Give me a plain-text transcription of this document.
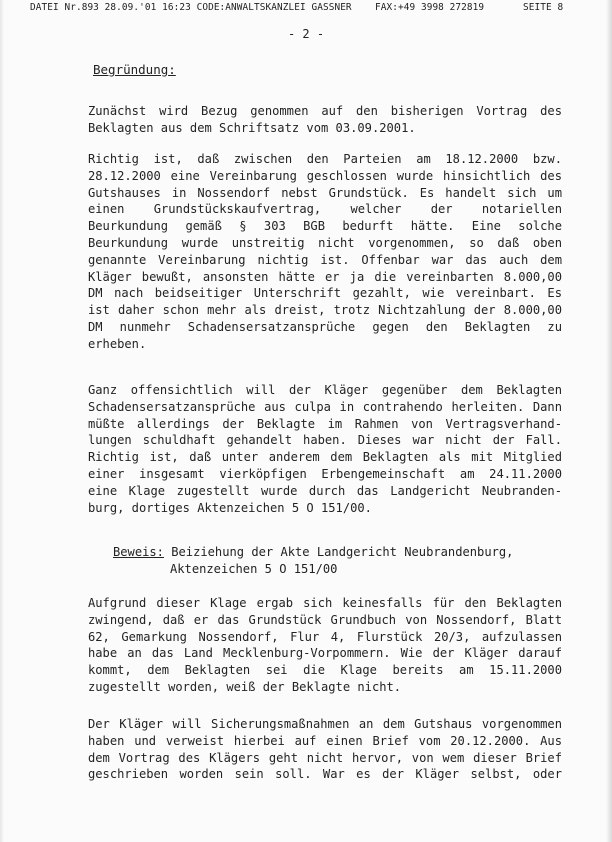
DATEI Nr.893 28.09.'01 16:23 CODE:ANWALTSKANZLEI GASSNER FAX:+49 3998 272819	SEITE 8
- 2 -
Begründung:
Zunächst wird Bezug genommen auf den bisherigen Vortrag des
Beklagten aus dem Schriftsatz vom 03.09.2001.
Richtig ist, daß zwischen den Parteien am 18.12.2000 bzw.
28.12.2000 eine Vereinbarung geschlossen wurde hinsichtlich des
Gutshauses in Nossendorf nebst Grundstück. Es handelt sich um
einen Grundstückskaufvertrag, welcher der notariellen
Beurkundung gemäß § 303 BGB bedurft hätte. Eine solche
Beurkundung wurde unstreitig nicht vorgenommen, so daß oben
genannte Vereinbarung nichtig ist. Offenbar war das auch dem
Kläger bewußt, ansonsten hätte er ja die vereinbarten 8.000,00
DM nach beidseitiger Unterschrift gezahlt, wie vereinbart. Es
ist daher schon mehr als dreist, trotz Nichtzahlung der 8.000,00
DM nunmehr Schadensersatzansprüche gegen den Beklagten zu
erheben.
Ganz offensichtlich will der Kläger gegenüber dem Beklagten
Schadensersatzansprüche aus culpa in contrahendo herleiten. Dann
müßte allerdings der Beklagte im Rahmen von Vertragsverhand-
lungen schuldhaft gehandelt haben. Dieses war nicht der Fall.
Richtig ist, daß unter anderem dem Beklagten als mit Mitglied
einer insgesamt vierköpfigen Erbengemeinschaft am 24.11.2000
eine Klage zugestellt wurde durch das Landgericht Neubranden-
burg, dortiges Aktenzeichen 5 O 151/00.
Beweis: Beiziehung der Akte Landgericht Neubrandenburg,
Aktenzeichen 5 O 151/00
Aufgrund dieser Klage ergab sich keinesfalls für den Beklagten
zwingend, daß er das Grundstück Grundbuch von Nossendorf, Blatt
62, Gemarkung Nossendorf, Flur 4, Flurstück 20/3, aufzulassen
habe an das Land Mecklenburg-Vorpommern. Wie der Kläger darauf
kommt, dem Beklagten sei die Klage bereits am 15.11.2000
zugestellt worden, weiß der Beklagte nicht.
Der Kläger will Sicherungsmaßnahmen an dem Gutshaus vorgenommen
haben und verweist hierbei auf einen Brief vom 20.12.2000. Aus
dem Vortrag des Klägers geht nicht hervor, von wem dieser Brief
geschrieben worden sein soll. War es der Kläger selbst, oder
